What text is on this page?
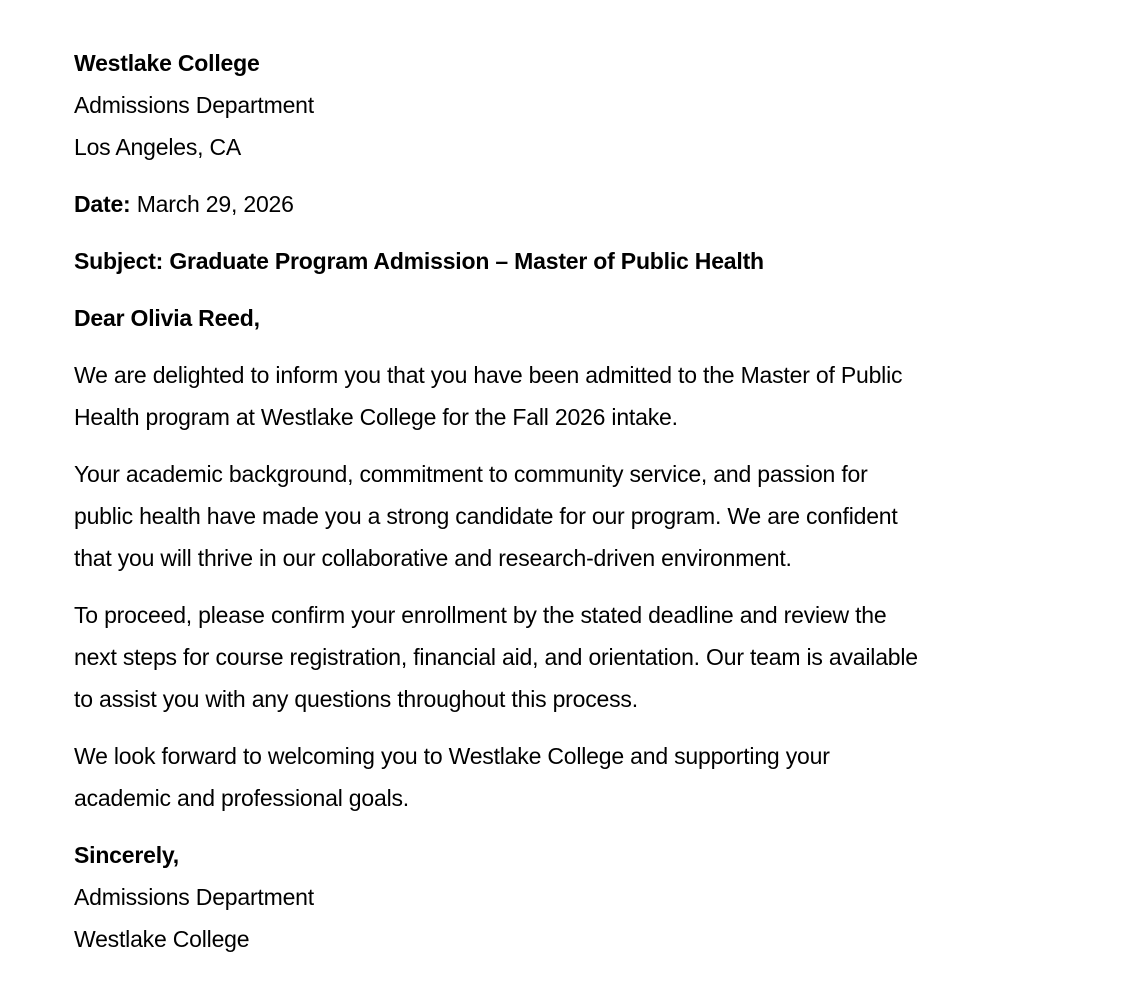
Westlake College
Admissions Department
Los Angeles, CA
Date: March 29, 2026
Subject: Graduate Program Admission – Master of Public Health
Dear Olivia Reed,
We are delighted to inform you that you have been admitted to the Master of Public
Health program at Westlake College for the Fall 2026 intake.
Your academic background, commitment to community service, and passion for
public health have made you a strong candidate for our program. We are confident
that you will thrive in our collaborative and research-driven environment.
To proceed, please confirm your enrollment by the stated deadline and review the
next steps for course registration, financial aid, and orientation. Our team is available
to assist you with any questions throughout this process.
We look forward to welcoming you to Westlake College and supporting your
academic and professional goals.
Sincerely,
Admissions Department
Westlake College
